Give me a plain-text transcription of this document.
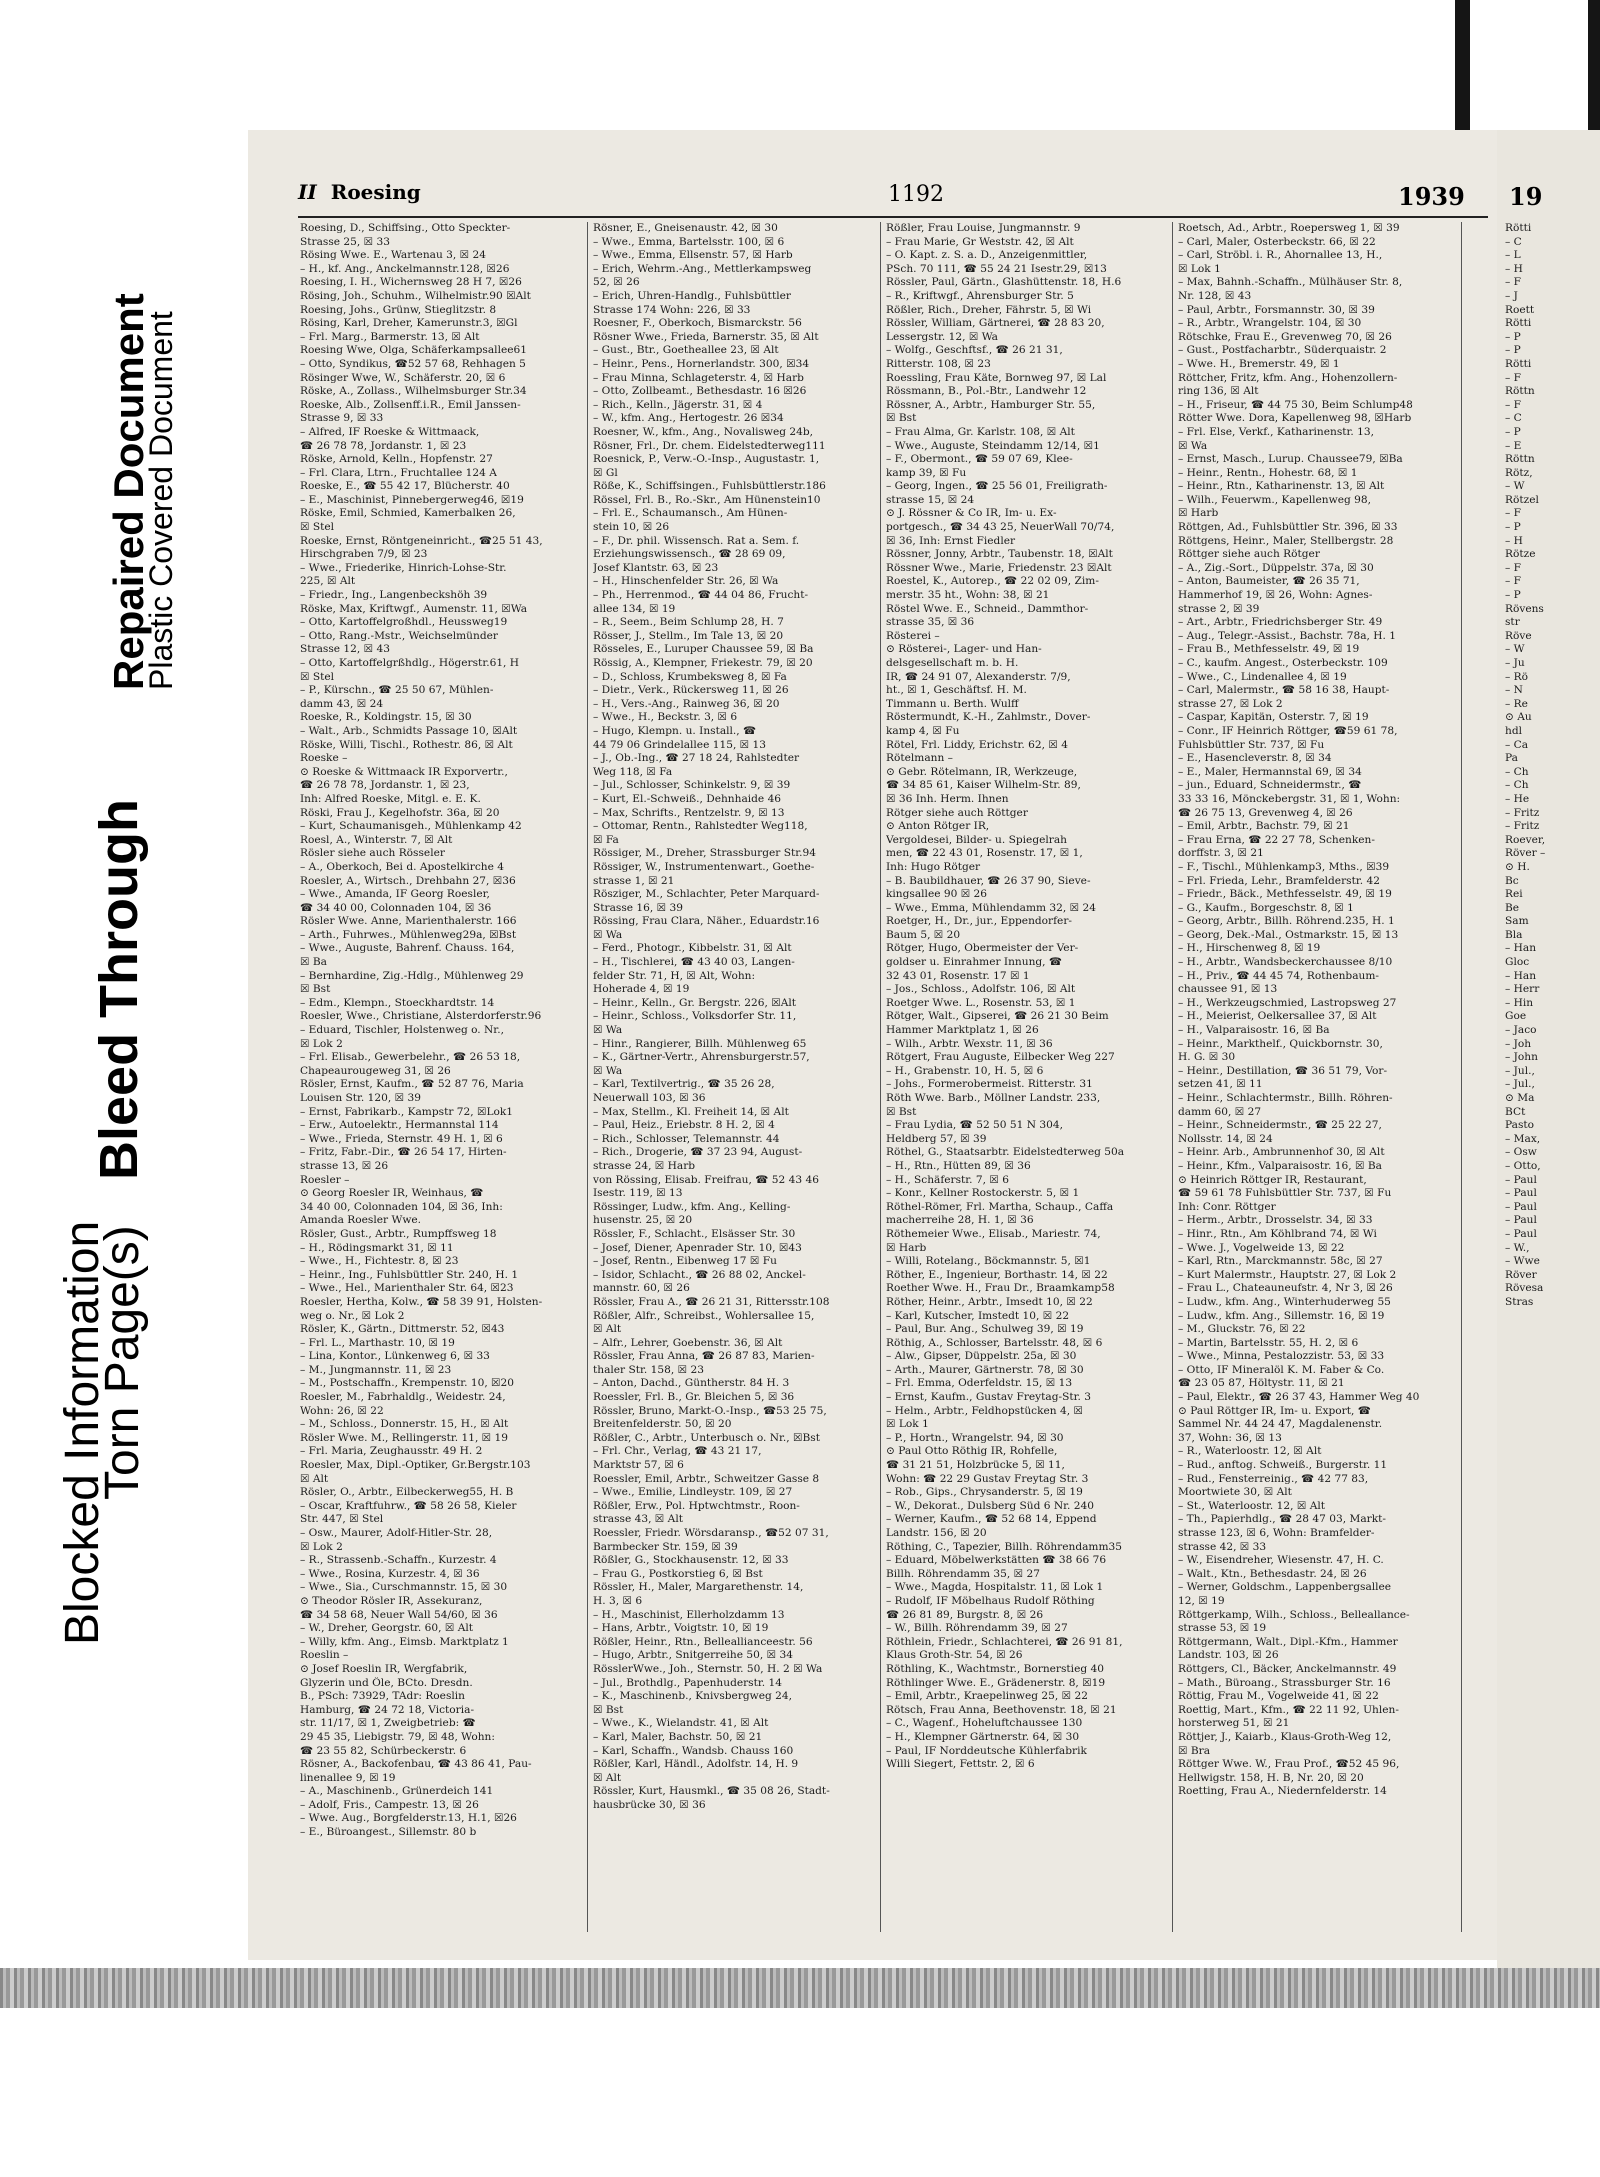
Blocked Information
Torn Page(s)
Bleed Through
Repaired Document
Plastic Covered Document
II Roesing	1192	1939
Roesing, D., Schiffsing., Otto Speckter-
Strasse 25, ☒ 33
Rösing Wwe. E., Wartenau 3, ☒ 24
– H., kf. Ang., Anckelmannstr.128, ☒26
Roesing, I. H., Wichernsweg 28 H 7, ☒26
Rösing, Joh., Schuhm., Wilhelmistr.90 ☒Alt
Roesing, Johs., Grünw, Stieglitzstr. 8
Rösing, Karl, Dreher, Kamerunstr.3, ☒Gl
– Frl. Marg., Barmerstr. 13, ☒ Alt
Roesing Wwe, Olga, Schäferkampsallee61
– Otto, Syndikus, ☎52 57 68, Rehhagen 5
Rösinger Wwe, W., Schäferstr. 20, ☒ 6
Röske, A., Zollass., Wilhelmsburger Str.34
Roeske, Alb., Zollsenff.i.R., Emil Janssen-
Strasse 9, ☒ 33
– Alfred, IF Roeske & Wittmaack,
☎ 26 78 78, Jordanstr. 1, ☒ 23
Röske, Arnold, Kelln., Hopfenstr. 27
– Frl. Clara, Ltrn., Fruchtallee 124 A
Roeske, E., ☎ 55 42 17, Blücherstr. 40
– E., Maschinist, Pinnebergerweg46, ☒19
Röske, Emil, Schmied, Kamerbalken 26,
☒ Stel
Roeske, Ernst, Röntgeneinricht., ☎25 51 43,
Hirschgraben 7/9, ☒ 23
– Wwe., Friederike, Hinrich-Lohse-Str.
225, ☒ Alt
– Friedr., Ing., Langenbeckshöh 39
Röske, Max, Kriftwgf., Aumenstr. 11, ☒Wa
– Otto, Kartoffelgroßhdl., Heussweg19
– Otto, Rang.-Mstr., Weichselmünder
Strasse 12, ☒ 43
– Otto, Kartoffelgrßhdlg., Högerstr.61, H
☒ Stel
– P., Kürschn., ☎ 25 50 67, Mühlen-
damm 43, ☒ 24
Roeske, R., Koldingstr. 15, ☒ 30
– Walt., Arb., Schmidts Passage 10, ☒Alt
Röske, Willi, Tischl., Rothestr. 86, ☒ Alt
Roeske –
⊙ Roeske & Wittmaack IR Exporvertr.,
☎ 26 78 78, Jordanstr. 1, ☒ 23,
Inh: Alfred Roeske, Mitgl. e. E. K.
Röski, Frau J., Kegelhofstr. 36a, ☒ 20
– Kurt, Schaumanisgeh., Mühlenkamp 42
Roesl, A., Winterstr. 7, ☒ Alt
Rösler siehe auch Rösseler
– A., Oberkoch, Bei d. Apostelkirche 4
Roesler, A., Wirtsch., Drehbahn 27, ☒36
– Wwe., Amanda, IF Georg Roesler,
☎ 34 40 00, Colonnaden 104, ☒ 36
Rösler Wwe. Anne, Marienthalerstr. 166
– Arth., Fuhrwes., Mühlenweg29a, ☒Bst
– Wwe., Auguste, Bahrenf. Chauss. 164,
☒ Ba
– Bernhardine, Zig.-Hdlg., Mühlenweg 29
☒ Bst
– Edm., Klempn., Stoeckhardtstr. 14
Roesler, Wwe., Christiane, Alsterdorferstr.96
– Eduard, Tischler, Holstenweg o. Nr.,
☒ Lok 2
– Frl. Elisab., Gewerbelehr., ☎ 26 53 18,
Chapeaurougeweg 31, ☒ 26
Rösler, Ernst, Kaufm., ☎ 52 87 76, Maria
Louisen Str. 120, ☒ 39
– Ernst, Fabrikarb., Kampstr 72, ☒Lok1
– Erw., Autoelektr., Hermannstal 114
– Wwe., Frieda, Sternstr. 49 H. 1, ☒ 6
– Fritz, Fabr.-Dir., ☎ 26 54 17, Hirten-
strasse 13, ☒ 26
Roesler –
⊙ Georg Roesler IR, Weinhaus, ☎
34 40 00, Colonnaden 104, ☒ 36, Inh:
Amanda Roesler Wwe.
Rösler, Gust., Arbtr., Rumpffsweg 18
– H., Rödingsmarkt 31, ☒ 11
– Wwe., H., Fichtestr. 8, ☒ 23
– Heinr., Ing., Fuhlsbüttler Str. 240, H. 1
– Wwe., Hel., Marienthaler Str. 64, ☒23
Roesler, Hertha, Kolw., ☎ 58 39 91, Holsten-
weg o. Nr., ☒ Lok 2
Rösler, K., Gärtn., Dittmerstr. 52, ☒43
– Frl. L., Marthastr. 10, ☒ 19
– Lina, Kontor., Lünkenweg 6, ☒ 33
– M., Jungmannstr. 11, ☒ 23
– M., Postschaffn., Krempenstr. 10, ☒20
Roesler, M., Fabrhaldlg., Weidestr. 24,
Wohn: 26, ☒ 22
– M., Schloss., Donnerstr. 15, H., ☒ Alt
Rösler Wwe. M., Rellingerstr. 11, ☒ 19
– Frl. Maria, Zeughausstr. 49 H. 2
Roesler, Max, Dipl.-Optiker, Gr.Bergstr.103
☒ Alt
Rösler, O., Arbtr., Eilbeckerweg55, H. B
– Oscar, Kraftfuhrw., ☎ 58 26 58, Kieler
Str. 447, ☒ Stel
– Osw., Maurer, Adolf-Hitler-Str. 28,
☒ Lok 2
– R., Strassenb.-Schaffn., Kurzestr. 4
– Wwe., Rosina, Kurzestr. 4, ☒ 36
– Wwe., Sia., Curschmannstr. 15, ☒ 30
⊙ Theodor Rösler IR, Assekuranz,
☎ 34 58 68, Neuer Wall 54/60, ☒ 36
– W., Dreher, Georgstr. 60, ☒ Alt
– Willy, kfm. Ang., Eimsb. Marktplatz 1
Roeslin –
⊙ Josef Roeslin IR, Wergfabrik,
Glyzerin und Öle, BCto. Dresdn.
B., PSch: 73929, TAdr: Roeslin
Hamburg, ☎ 24 72 18, Victoria-
str. 11/17, ☒ 1, Zweigbetrieb: ☎
29 45 35, Liebigstr. 79, ☒ 48, Wohn:
☎ 23 55 82, Schürbeckerstr. 6
Rösner, A., Backofenbau, ☎ 43 86 41, Pau-
linenallee 9, ☒ 19
– A., Maschinenb., Grünerdeich 141
– Adolf, Fris., Campestr. 13, ☒ 26
– Wwe. Aug., Borgfelderstr.13, H.1, ☒26
– E., Büroangest., Sillemstr. 80 b
Rösner, E., Gneisenaustr. 42, ☒ 30
– Wwe., Emma, Bartelsstr. 100, ☒ 6
– Wwe., Emma, Ellsenstr. 57, ☒ Harb
– Erich, Wehrm.-Ang., Mettlerkampsweg
52, ☒ 26
– Erich, Uhren-Handlg., Fuhlsbüttler
Strasse 174 Wohn: 226, ☒ 33
Roesner, F., Oberkoch, Bismarckstr. 56
Rösner Wwe., Frieda, Barnerstr. 35, ☒ Alt
– Gust., Btr., Goetheallee 23, ☒ Alt
– Heinr., Pens., Hornerlandstr. 300, ☒34
– Frau Minna, Schlageterstr. 4, ☒ Harb
– Otto, Zollbeamt., Bethesdastr. 16 ☒26
– Rich., Kelln., Jägerstr. 31, ☒ 4
– W., kfm. Ang., Hertogestr. 26 ☒34
Roesner, W., kfm., Ang., Novalisweg 24b,
Rösner, Frl., Dr. chem. Eidelstedterweg111
Roesnick, P., Verw.-O.-Insp., Augustastr. 1,
☒ Gl
Röße, K., Schiffsingen., Fuhlsbüttlerstr.186
Rössel, Frl. B., Ro.-Skr., Am Hünenstein10
– Frl. E., Schaumansch., Am Hünen-
stein 10, ☒ 26
– F., Dr. phil. Wissensch. Rat a. Sem. f.
Erziehungswissensch., ☎ 28 69 09,
Josef Klantstr. 63, ☒ 23
– H., Hinschenfelder Str. 26, ☒ Wa
– Ph., Herrenmod., ☎ 44 04 86, Frucht-
allee 134, ☒ 19
– R., Seem., Beim Schlump 28, H. 7
Rösser, J., Stellm., Im Tale 13, ☒ 20
Rösseles, E., Luruper Chaussee 59, ☒ Ba
Rössig, A., Klempner, Friekestr. 79, ☒ 20
– D., Schloss, Krumbeksweg 8, ☒ Fa
– Dietr., Verk., Rückersweg 11, ☒ 26
– H., Vers.-Ang., Rainweg 36, ☒ 20
– Wwe., H., Beckstr. 3, ☒ 6
– Hugo, Klempn. u. Install., ☎
44 79 06 Grindelallee 115, ☒ 13
– J., Ob.-Ing., ☎ 27 18 24, Rahlstedter
Weg 118, ☒ Fa
– Jul., Schlosser, Schinkelstr. 9, ☒ 39
– Kurt, El.-Schweiß., Dehnhaide 46
– Max, Schrifts., Rentzelstr. 9, ☒ 13
– Ottomar, Rentn., Rahlstedter Weg118,
☒ Fa
Rössiger, M., Dreher, Strassburger Str.94
Rössiger, W., Instrumentenwart., Goethe-
strasse 1, ☒ 21
Rösziger, M., Schlachter, Peter Marquard-
Strasse 16, ☒ 39
Rössing, Frau Clara, Näher., Eduardstr.16
☒ Wa
– Ferd., Photogr., Kibbelstr. 31, ☒ Alt
– H., Tischlerei, ☎ 43 40 03, Langen-
felder Str. 71, H, ☒ Alt, Wohn:
Hoherade 4, ☒ 19
– Heinr., Kelln., Gr. Bergstr. 226, ☒Alt
– Heinr., Schloss., Volksdorfer Str. 11,
☒ Wa
– Hinr., Rangierer, Billh. Mühlenweg 65
– K., Gärtner-Vertr., Ahrensburgerstr.57,
☒ Wa
– Karl, Textilvertrig., ☎ 35 26 28,
Neuerwall 103, ☒ 36
– Max, Stellm., Kl. Freiheit 14, ☒ Alt
– Paul, Heiz., Eriebstr. 8 H. 2, ☒ 4
– Rich., Schlosser, Telemannstr. 44
– Rich., Drogerie, ☎ 37 23 94, August-
strasse 24, ☒ Harb
von Rössing, Elisab. Freifrau, ☎ 52 43 46
Isestr. 119, ☒ 13
Rössinger, Ludw., kfm. Ang., Kelling-
husenstr. 25, ☒ 20
Rössler, F., Schlacht., Elsässer Str. 30
– Josef, Diener, Apenrader Str. 10, ☒43
– Josef, Rentn., Eibenweg 17 ☒ Fu
– Isidor, Schlacht., ☎ 26 88 02, Anckel-
mannstr. 60, ☒ 26
Rössler, Frau A., ☎ 26 21 31, Rittersstr.108
Rößler, Alfr., Schreibst., Wohlersallee 15,
☒ Alt
– Alfr., Lehrer, Goebenstr. 36, ☒ Alt
Rössler, Frau Anna, ☎ 26 87 83, Marien-
thaler Str. 158, ☒ 23
– Anton, Dachd., Güntherstr. 84 H. 3
Roessler, Frl. B., Gr. Bleichen 5, ☒ 36
Rössler, Bruno, Markt-O.-Insp., ☎53 25 75,
Breitenfelderstr. 50, ☒ 20
Rößler, C., Arbtr., Unterbusch o. Nr., ☒Bst
– Frl. Chr., Verlag, ☎ 43 21 17,
Marktstr 57, ☒ 6
Roessler, Emil, Arbtr., Schweitzer Gasse 8
– Wwe., Emilie, Lindleystr. 109, ☒ 27
Rößler, Erw., Pol. Hptwchtmstr., Roon-
strasse 43, ☒ Alt
Roessler, Friedr. Wörsdaransp., ☎52 07 31,
Barmbecker Str. 159, ☒ 39
Rößler, G., Stockhausenstr. 12, ☒ 33
– Frau G., Postkorstieg 6, ☒ Bst
Rössler, H., Maler, Margarethenstr. 14,
H. 3, ☒ 6
– H., Maschinist, Ellerholzdamm 13
– Hans, Arbtr., Voigtstr. 10, ☒ 19
Rößler, Heinr., Rtn., Belleallianceestr. 56
– Hugo, Arbtr., Snitgerreihe 50, ☒ 34
RösslerWwe., Joh., Sternstr. 50, H. 2 ☒ Wa
– Jul., Brothdlg., Papenhuderstr. 14
– K., Maschinenb., Knivsbergweg 24,
☒ Bst
– Wwe., K., Wielandstr. 41, ☒ Alt
– Karl, Maler, Bachstr. 50, ☒ 21
– Karl, Schaffn., Wandsb. Chauss 160
Rößler, Karl, Händl., Adolfstr. 14, H. 9
☒ Alt
Rössler, Kurt, Hausmkl., ☎ 35 08 26, Stadt-
hausbrücke 30, ☒ 36
Rößler, Frau Louise, Jungmannstr. 9
– Frau Marie, Gr Weststr. 42, ☒ Alt
– O. Kapt. z. S. a. D., Anzeigenmittler,
PSch. 70 111, ☎ 55 24 21 Isestr.29, ☒13
Rössler, Paul, Gärtn., Glashüttenstr. 18, H.6
– R., Kriftwgf., Ahrensburger Str. 5
Rößler, Rich., Dreher, Fährstr. 5, ☒ Wi
Rössler, William, Gärtnerei, ☎ 28 83 20,
Lessergstr. 12, ☒ Wa
– Wolfg., Geschftsf., ☎ 26 21 31,
Ritterstr. 108, ☒ 23
Roessling, Frau Käte, Bornweg 97, ☒ Lal
Rössmann, B., Pol.-Btr., Landwehr 12
Rössner, A., Arbtr., Hamburger Str. 55,
☒ Bst
– Frau Alma, Gr. Karlstr. 108, ☒ Alt
– Wwe., Auguste, Steindamm 12/14, ☒1
– F., Obermont., ☎ 59 07 69, Klee-
kamp 39, ☒ Fu
– Georg, Ingen., ☎ 25 56 01, Freiligrath-
strasse 15, ☒ 24
⊙ J. Rössner & Co IR, Im- u. Ex-
portgesch., ☎ 34 43 25, NeuerWall 70/74,
☒ 36, Inh: Ernst Fiedler
Rössner, Jonny, Arbtr., Taubenstr. 18, ☒Alt
Rössner Wwe., Marie, Friedenstr. 23 ☒Alt
Roestel, K., Autorep., ☎ 22 02 09, Zim-
merstr. 35 ht., Wohn: 38, ☒ 21
Röstel Wwe. E., Schneid., Dammthor-
strasse 35, ☒ 36
Rösterei –
⊙ Rösterei-, Lager- und Han-
delsgesellschaft m. b. H.
IR, ☎ 24 91 07, Alexanderstr. 7/9,
ht., ☒ 1, Geschäftsf. H. M.
Timmann u. Berth. Wulff
Röstermundt, K.-H., Zahlmstr., Dover-
kamp 4, ☒ Fu
Rötel, Frl. Liddy, Erichstr. 62, ☒ 4
Rötelmann –
⊙ Gebr. Rötelmann, IR, Werkzeuge,
☎ 34 85 61, Kaiser Wilhelm-Str. 89,
☒ 36 Inh. Herm. Ihnen
Rötger siehe auch Röttger
⊙ Anton Rötger IR,
Vergoldesei, Bilder- u. Spiegelrah
men, ☎ 22 43 01, Rosenstr. 17, ☒ 1,
Inh: Hugo Rötger
– B. Baubildhauer, ☎ 26 37 90, Sieve-
kingsallee 90 ☒ 26
– Wwe., Emma, Mühlendamm 32, ☒ 24
Roetger, H., Dr., jur., Eppendorfer-
Baum 5, ☒ 20
Rötger, Hugo, Obermeister der Ver-
goldser u. Einrahmer Innung, ☎
32 43 01, Rosenstr. 17 ☒ 1
– Jos., Schloss., Adolfstr. 106, ☒ Alt
Roetger Wwe. L., Rosenstr. 53, ☒ 1
Rötger, Walt., Gipserei, ☎ 26 21 30 Beim
Hammer Marktplatz 1, ☒ 26
– Wilh., Arbtr. Wexstr. 11, ☒ 36
Rötgert, Frau Auguste, Eilbecker Weg 227
– H., Grabenstr. 10, H. 5, ☒ 6
– Johs., Formerobermeist. Ritterstr. 31
Röth Wwe. Barb., Möllner Landstr. 233,
☒ Bst
– Frau Lydia, ☎ 52 50 51 N 304,
Heldberg 57, ☒ 39
Röthel, G., Staatsarbtr. Eidelstedterweg 50a
– H., Rtn., Hütten 89, ☒ 36
– H., Schäferstr. 7, ☒ 6
– Konr., Kellner Rostockerstr. 5, ☒ 1
Röthel-Römer, Frl. Martha, Schaup., Caffa
macherreihe 28, H. 1, ☒ 36
Röthemeier Wwe., Elisab., Mariestr. 74,
☒ Harb
– Willi, Rotelang., Böckmannstr. 5, ☒1
Röther, E., Ingenieur, Borthastr. 14, ☒ 22
Roether Wwe. H., Frau Dr., Braamkamp58
Röther, Heinr., Arbtr., Imsedt 10, ☒ 22
– Karl, Kutscher, Imstedt 10, ☒ 22
– Paul, Bur. Ang., Schulweg 39, ☒ 19
Röthig, A., Schlosser, Bartelsstr. 48, ☒ 6
– Alw., Gipser, Düppelstr. 25a, ☒ 30
– Arth., Maurer, Gärtnerstr. 78, ☒ 30
– Frl. Emma, Oderfeldstr. 15, ☒ 13
– Ernst, Kaufm., Gustav Freytag-Str. 3
– Helm., Arbtr., Feldhopstücken 4, ☒
☒ Lok 1
– P., Hortn., Wrangelstr. 94, ☒ 30
⊙ Paul Otto Röthig IR, Rohfelle,
☎ 31 21 51, Holzbrücke 5, ☒ 11,
Wohn: ☎ 22 29 Gustav Freytag Str. 3
– Rob., Gips., Chrysanderstr. 5, ☒ 19
– W., Dekorat., Dulsberg Süd 6 Nr. 240
– Werner, Kaufm., ☎ 52 68 14, Eppend
Landstr. 156, ☒ 20
Röthing, C., Tapezier, Billh. Röhrendamm35
– Eduard, Möbelwerkstätten ☎ 38 66 76
Billh. Röhrendamm 35, ☒ 27
– Wwe., Magda, Hospitalstr. 11, ☒ Lok 1
– Rudolf, IF Möbelhaus Rudolf Röthing
☎ 26 81 89, Burgstr. 8, ☒ 26
– W., Billh. Röhrendamm 39, ☒ 27
Röthlein, Friedr., Schlachterei, ☎ 26 91 81,
Klaus Groth-Str. 54, ☒ 26
Röthling, K., Wachtmstr., Bornerstieg 40
Röthlinger Wwe. E., Grädenerstr. 8, ☒19
– Emil, Arbtr., Kraepelinweg 25, ☒ 22
Rötsch, Frau Anna, Beethovenstr. 18, ☒ 21
– C., Wagenf., Hoheluftchaussee 130
– H., Klempner Gärtnerstr. 64, ☒ 30
– Paul, IF Norddeutsche Kühlerfabrik
Willi Siegert, Fettstr. 2, ☒ 6
Roetsch, Ad., Arbtr., Roepersweg 1, ☒ 39
– Carl, Maler, Osterbeckstr. 66, ☒ 22
– Carl, Ströbl. i. R., Ahornallee 13, H.,
☒ Lok 1
– Max, Bahnh.-Schaffn., Mülhäuser Str. 8,
Nr. 128, ☒ 43
– Paul, Arbtr., Forsmannstr. 30, ☒ 39
– R., Arbtr., Wrangelstr. 104, ☒ 30
Rötschke, Frau E., Grevenweg 70, ☒ 26
– Gust., Postfacharbtr., Süderquaistr. 2
– Wwe. H., Bremerstr. 49, ☒ 1
Röttcher, Fritz, kfm. Ang., Hohenzollern-
ring 136, ☒ Alt
– H., Friseur, ☎ 44 75 30, Beim Schlump48
Rötter Wwe. Dora, Kapellenweg 98, ☒Harb
– Frl. Else, Verkf., Katharinenstr. 13,
☒ Wa
– Ernst, Masch., Lurup. Chaussee79, ☒Ba
– Heinr., Rentn., Hohestr. 68, ☒ 1
– Heinr., Rtn., Katharinenstr. 13, ☒ Alt
– Wilh., Feuerwm., Kapellenweg 98,
☒ Harb
Röttgen, Ad., Fuhlsbüttler Str. 396, ☒ 33
Röttgens, Heinr., Maler, Stellbergstr. 28
Röttger siehe auch Rötger
– A., Zig.-Sort., Düppelstr. 37a, ☒ 30
– Anton, Baumeister, ☎ 26 35 71,
Hammerhof 19, ☒ 26, Wohn: Agnes-
strasse 2, ☒ 39
– Art., Arbtr., Friedrichsberger Str. 49
– Aug., Telegr.-Assist., Bachstr. 78a, H. 1
– Frau B., Methfesselstr. 49, ☒ 19
– C., kaufm. Angest., Osterbeckstr. 109
– Wwe., C., Lindenallee 4, ☒ 19
– Carl, Malermstr., ☎ 58 16 38, Haupt-
strasse 27, ☒ Lok 2
– Caspar, Kapitän, Osterstr. 7, ☒ 19
– Conr., IF Heinrich Röttger, ☎59 61 78,
Fuhlsbüttler Str. 737, ☒ Fu
– E., Hasencleverstr. 8, ☒ 34
– E., Maler, Hermannstal 69, ☒ 34
– jun., Eduard, Schneidermstr., ☎
33 33 16, Mönckebergstr. 31, ☒ 1, Wohn:
☎ 26 75 13, Grevenweg 4, ☒ 26
– Emil, Arbtr., Bachstr. 79, ☒ 21
– Frau Erna, ☎ 22 27 78, Schenken-
dorffstr. 3, ☒ 21
– F., Tischl., Mühlenkamp3, Mths., ☒39
– Frl. Frieda, Lehr., Bramfelderstr. 42
– Friedr., Bäck., Methfesselstr. 49, ☒ 19
– G., Kaufm., Borgeschstr. 8, ☒ 1
– Georg, Arbtr., Billh. Röhrend.235, H. 1
– Georg, Dek.-Mal., Ostmarkstr. 15, ☒ 13
– H., Hirschenweg 8, ☒ 19
– H., Arbtr., Wandsbeckerchaussee 8/10
– H., Priv., ☎ 44 45 74, Rothenbaum-
chaussee 91, ☒ 13
– H., Werkzeugschmied, Lastropsweg 27
– H., Meierist, Oelkersallee 37, ☒ Alt
– H., Valparaisostr. 16, ☒ Ba
– Heinr., Markthelf., Quickbornstr. 30,
H. G. ☒ 30
– Heinr., Destillation, ☎ 36 51 79, Vor-
setzen 41, ☒ 11
– Heinr., Schlachtermstr., Billh. Röhren-
damm 60, ☒ 27
– Heinr., Schneidermstr., ☎ 25 22 27,
Nollsstr. 14, ☒ 24
– Heinr. Arb., Ambrunnenhof 30, ☒ Alt
– Heinr., Kfm., Valparaisostr. 16, ☒ Ba
⊙ Heinrich Röttger IR, Restaurant,
☎ 59 61 78 Fuhlsbüttler Str. 737, ☒ Fu
Inh: Conr. Röttger
– Herm., Arbtr., Drosselstr. 34, ☒ 33
– Hinr., Rtn., Am Köhlbrand 74, ☒ Wi
– Wwe. J., Vogelweide 13, ☒ 22
– Karl, Rtn., Marckmannstr. 58c, ☒ 27
– Kurt Malermstr., Hauptstr. 27, ☒ Lok 2
– Frau L., Chateauneufstr. 4, Nr 3, ☒ 26
– Ludw., kfm. Ang., Winterhuderweg 55
– Ludw., kfm. Ang., Sillemstr. 16, ☒ 19
– M., Gluckstr. 76, ☒ 22
– Martin, Bartelsstr. 55, H. 2, ☒ 6
– Wwe., Minna, Pestalozzistr. 53, ☒ 33
– Otto, IF Mineralöl K. M. Faber & Co.
☎ 23 05 87, Höltystr. 11, ☒ 21
– Paul, Elektr., ☎ 26 37 43, Hammer Weg 40
⊙ Paul Röttger IR, Im- u. Export, ☎
Sammel Nr. 44 24 47, Magdalenenstr.
37, Wohn: 36, ☒ 13
– R., Waterloostr. 12, ☒ Alt
– Rud., anftog. Schweiß., Burgerstr. 11
– Rud., Fensterreinig., ☎ 42 77 83,
Moortwiete 30, ☒ Alt
– St., Waterloostr. 12, ☒ Alt
– Th., Papierhdlg., ☎ 28 47 03, Markt-
strasse 123, ☒ 6, Wohn: Bramfelder-
strasse 42, ☒ 33
– W., Eisendreher, Wiesenstr. 47, H. C.
– Walt., Ktn., Bethesdastr. 24, ☒ 26
– Werner, Goldschm., Lappenbergsallee
12, ☒ 19
Röttgerkamp, Wilh., Schloss., Belleallance-
strasse 53, ☒ 19
Röttgermann, Walt., Dipl.-Kfm., Hammer
Landstr. 103, ☒ 26
Röttgers, Cl., Bäcker, Anckelmannstr. 49
– Math., Büroang., Strassburger Str. 16
Röttig, Frau M., Vogelweide 41, ☒ 22
Roettig, Mart., Kfm., ☎ 22 11 92, Uhlen-
horsterweg 51, ☒ 21
Röttjer, J., Kaiarb., Klaus-Groth-Weg 12,
☒ Bra
Röttger Wwe. W., Frau Prof., ☎52 45 96,
Hellwigstr. 158, H. B, Nr. 20, ☒ 20
Roetting, Frau A., Niedernfelderstr. 14
19
Rötti
– C
– L
– H
– F
– J
Roett
Rötti
– P
– P
Rötti
– F
Röttn
– F
– C
– P
– E
Röttn
Rötz,
– W
Rötzel
– F
– P
– H
Rötze
– F
– F
– P
Rövens
str
Röve
– W
– Ju
– Rö
– N
– Re
⊙ Au
hdl
– Ca
Pa
– Ch
– Ch
– He
– Fritz
– Fritz
Roever,
Röver –
⊙ H.
Bc
Rei
Be
Sam
Bla
– Han
Gloc
– Han
– Herr
– Hin
Goe
– Jaco
– Joh
– John
– Jul.,
– Jul.,
⊙ Ma
BCt
Pasto
– Max,
– Osw
– Otto,
– Paul
– Paul
– Paul
– Paul
– Paul
– W.,
– Wwe
Röver
Rövesa
Stras
